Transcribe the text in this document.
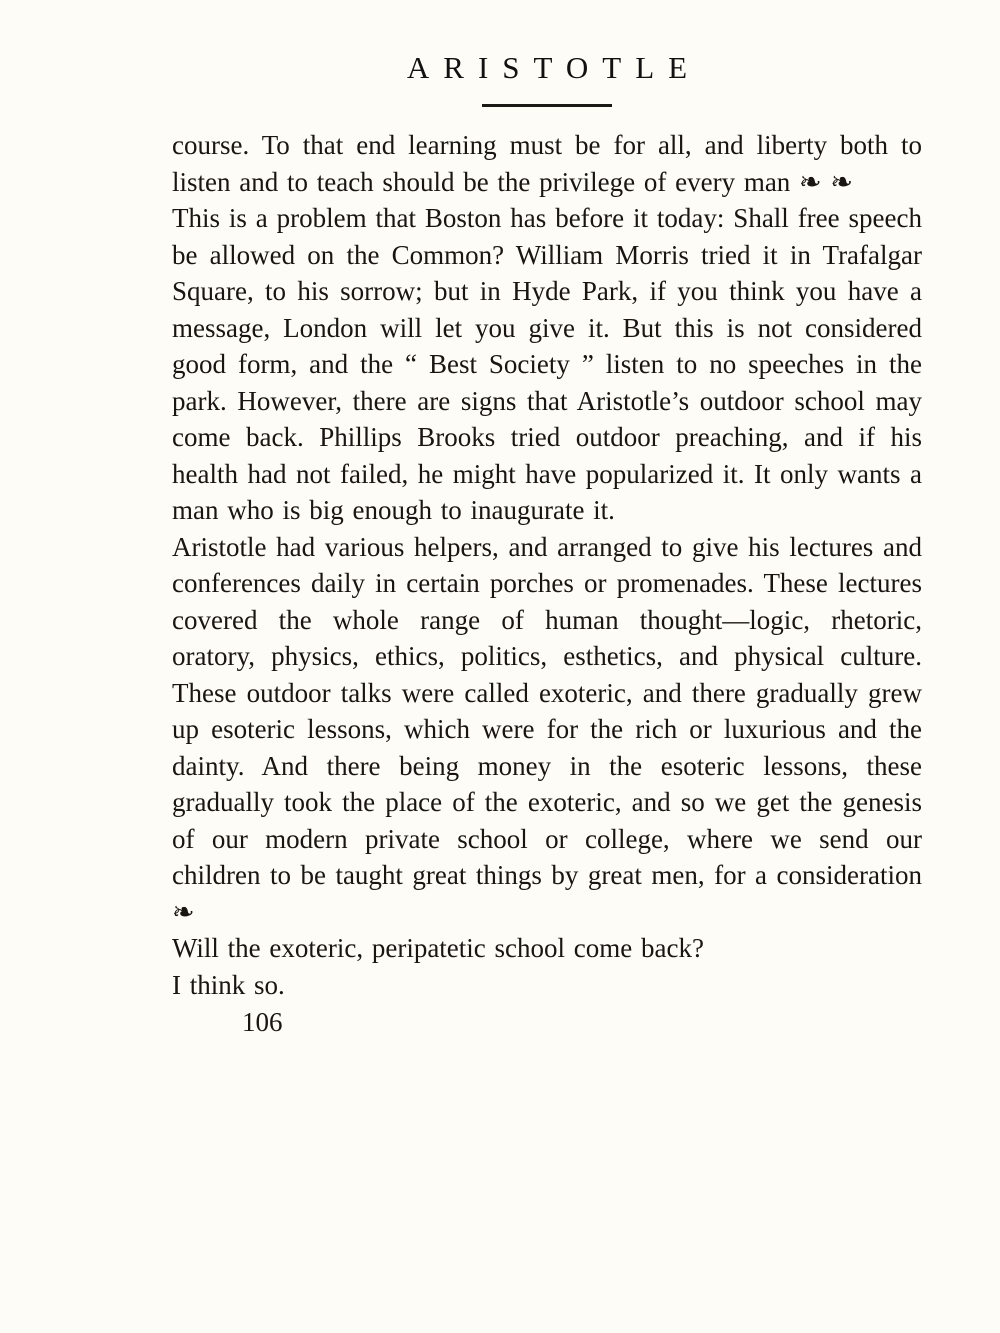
ARISTOTLE

course. To that end learning must be for all, and liberty both to listen and to teach should be the privilege of every man ❧ ❧

This is a problem that Boston has before it today: Shall free speech be allowed on the Common? William Morris tried it in Trafalgar Square, to his sorrow; but in Hyde Park, if you think you have a message, London will let you give it. But this is not considered good form, and the “ Best Society ” listen to no speeches in the park. However, there are signs that Aristotle’s outdoor school may come back. Phillips Brooks tried outdoor preaching, and if his health had not failed, he might have popularized it. It only wants a man who is big enough to inaugurate it.

Aristotle had various helpers, and arranged to give his lectures and conferences daily in certain porches or promenades. These lectures covered the whole range of human thought—logic, rhetoric, oratory, physics, ethics, politics, esthetics, and physical culture. These outdoor talks were called exoteric, and there gradually grew up esoteric lessons, which were for the rich or luxurious and the dainty. And there being money in the esoteric lessons, these gradually took the place of the exoteric, and so we get the genesis of our modern private school or college, where we send our children to be taught great things by great men, for a consideration ❧

Will the exoteric, peripatetic school come back?

I think so.

106
